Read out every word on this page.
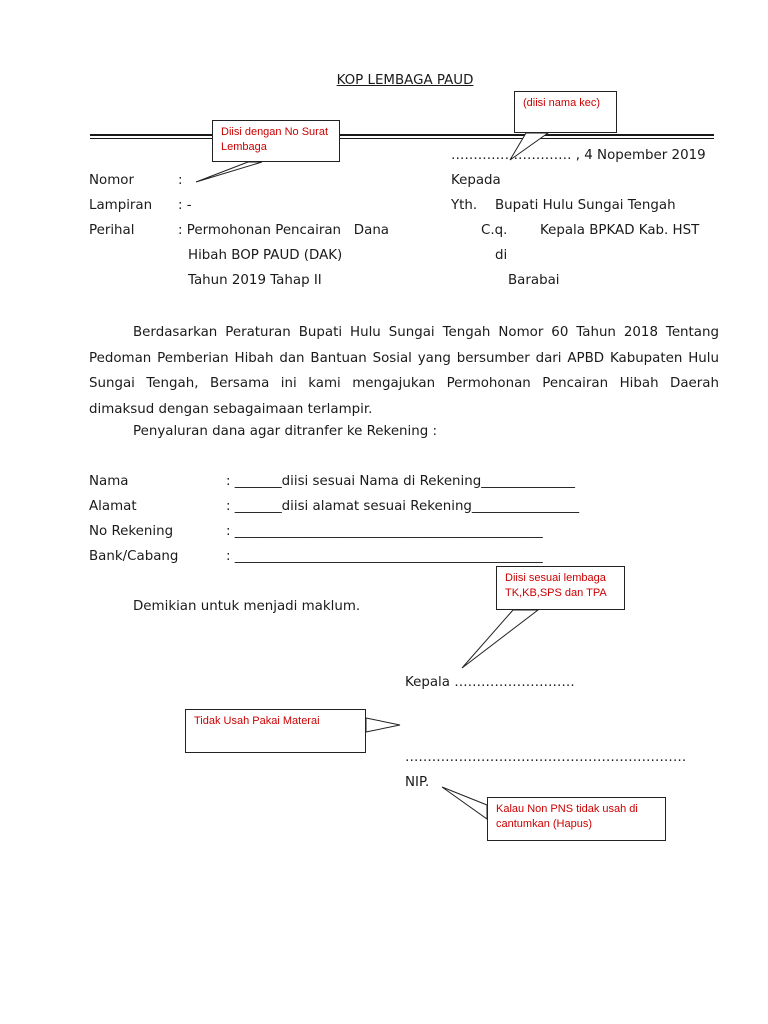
KOP LEMBAGA PAUD
(diisi nama kec)
Diisi dengan No Surat Lembaga
Diisi sesuai lembaga TK,KB,SPS dan TPA
Tidak Usah Pakai Materai
Kalau Non PNS tidak usah di cantumkan (Hapus)
……………………… , 4 Nopember 2019
Nomor	:
Lampiran : -
Perihal	: Permohonan Pencairan   Dana
Hibah BOP PAUD (DAK)
Tahun 2019 Tahap II
Kepada
Yth. Bupati Hulu Sungai Tengah
C.q. Kepala BPKAD Kab. HST
di
Barabai
Berdasarkan Peraturan Bupati Hulu Sungai Tengah Nomor 60 Tahun 2018 Tentang Pedoman Pemberian Hibah dan Bantuan Sosial yang bersumber dari APBD Kabupaten Hulu Sungai Tengah, Bersama ini kami mengajukan Permohonan Pencairan Hibah Daerah dimaksud dengan sebagaimaan terlampir.
Penyaluran dana agar ditranfer ke Rekening :
Nama	: _______diisi sesuai Nama di Rekening______________
Alamat	: _______diisi alamat sesuai Rekening________________
No Rekening	: ______________________________________________
Bank/Cabang	: ______________________________________________
Demikian untuk menjadi maklum.
Kepala ………………………
………………………………………………………
NIP.
